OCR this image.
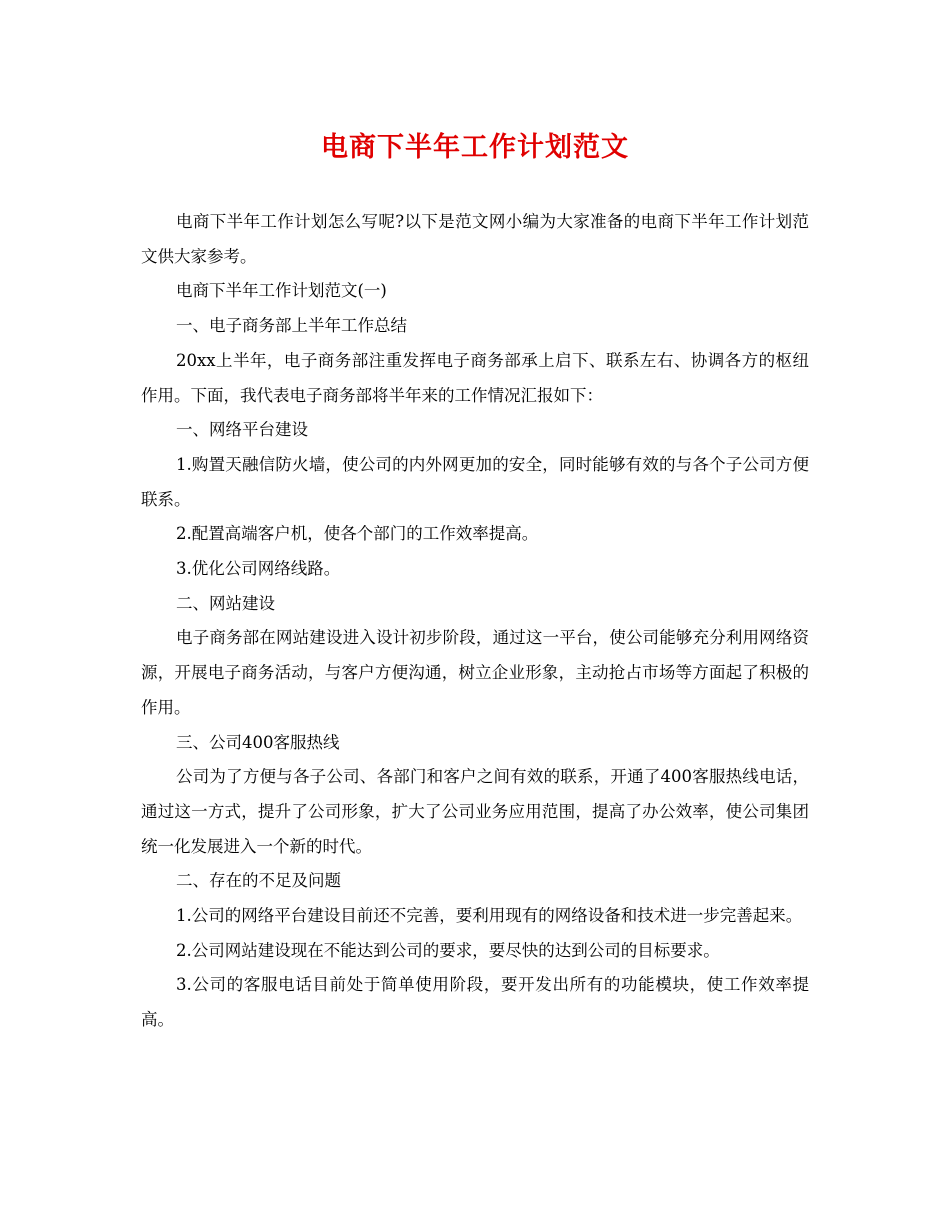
电商下半年工作计划范文

电商下半年工作计划怎么写呢?以下是范文网小编为大家准备的电商下半年工作计划范文供大家参考。

电商下半年工作计划范文(一)

一、电子商务部上半年工作总结

20xx上半年，电子商务部注重发挥电子商务部承上启下、联系左右、协调各方的枢纽作用。下面，我代表电子商务部将半年来的工作情况汇报如下：

一、网络平台建设

1.购置天融信防火墙，使公司的内外网更加的安全，同时能够有效的与各个子公司方便联系。

2.配置高端客户机，使各个部门的工作效率提高。

3.优化公司网络线路。

二、网站建设

电子商务部在网站建设进入设计初步阶段，通过这一平台，使公司能够充分利用网络资源，开展电子商务活动，与客户方便沟通，树立企业形象，主动抢占市场等方面起了积极的作用。

三、公司400客服热线

公司为了方便与各子公司、各部门和客户之间有效的联系，开通了400客服热线电话，通过这一方式，提升了公司形象，扩大了公司业务应用范围，提高了办公效率，使公司集团统一化发展进入一个新的时代。

二、存在的不足及问题

1.公司的网络平台建设目前还不完善，要利用现有的网络设备和技术进一步完善起来。

2.公司网站建设现在不能达到公司的要求，要尽快的达到公司的目标要求。

3.公司的客服电话目前处于简单使用阶段，要开发出所有的功能模块，使工作效率提高。
